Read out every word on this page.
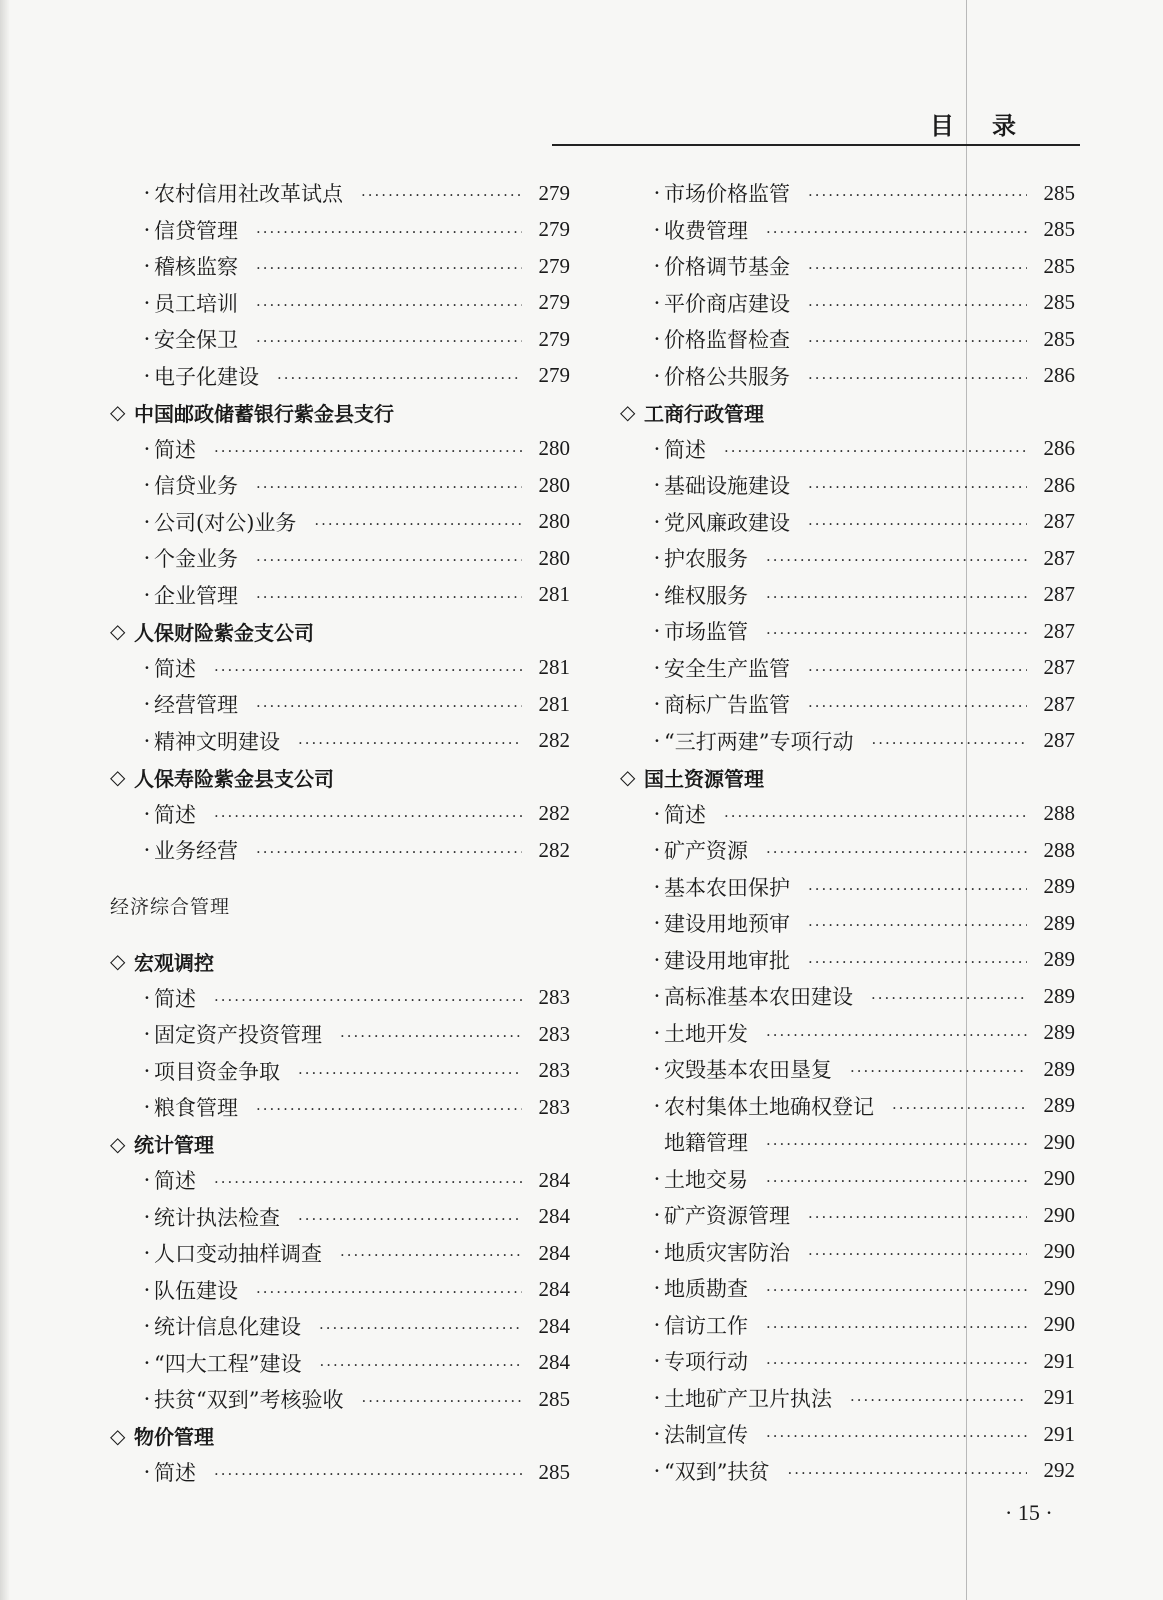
目录
· 农村信用社改革试点 ·····	279
· 信贷管理 ·····	279
· 稽核监察 ·····	279
· 员工培训 ·····	279
· 安全保卫 ·····	279
· 电子化建设 ·····	279
◇ 中国邮政储蓄银行紫金县支行
· 简述 ·····	280
· 信贷业务 ·····	280
· 公司(对公)业务 ·····	280
· 个金业务 ·····	280
· 企业管理 ·····	281
◇ 人保财险紫金支公司
· 简述 ·····	281
· 经营管理 ·····	281
· 精神文明建设 ·····	282
◇ 人保寿险紫金县支公司
· 简述 ·····	282
· 业务经营 ·····	282
经济综合管理
◇ 宏观调控
· 简述 ·····	283
· 固定资产投资管理 ·····	283
· 项目资金争取 ·····	283
· 粮食管理 ·····	283
◇ 统计管理
· 简述 ·····	284
· 统计执法检查 ·····	284
· 人口变动抽样调查 ·····	284
· 队伍建设 ·····	284
· 统计信息化建设 ·····	284
· “四大工程”建设 ·····	284
· 扶贫“双到”考核验收 ·····	285
◇ 物价管理
· 简述 ·····	285
· 市场价格监管 ·····	285
· 收费管理 ·····	285
· 价格调节基金 ·····	285
· 平价商店建设 ·····	285
· 价格监督检查 ·····	285
· 价格公共服务 ·····	286
◇ 工商行政管理
· 简述 ·····	286
· 基础设施建设 ·····	286
· 党风廉政建设 ·····	287
· 护农服务 ·····	287
· 维权服务 ·····	287
· 市场监管 ·····	287
· 安全生产监管 ·····	287
· 商标广告监管 ·····	287
· “三打两建”专项行动 ·····	287
◇ 国土资源管理
· 简述 ·····	288
· 矿产资源 ·····	288
· 基本农田保护 ·····	289
· 建设用地预审 ·····	289
· 建设用地审批 ·····	289
· 高标准基本农田建设 ·····	289
· 土地开发 ·····	289
· 灾毁基本农田垦复 ·····	289
· 农村集体土地确权登记 ·····	289
地籍管理 ·····	290
· 土地交易 ·····	290
· 矿产资源管理 ·····	290
· 地质灾害防治 ·····	290
· 地质勘查 ·····	290
· 信访工作 ·····	290
· 专项行动 ·····	291
· 土地矿产卫片执法 ·····	291
· 法制宣传 ·····	291
· “双到”扶贫 ·····	292
· 15 ·
